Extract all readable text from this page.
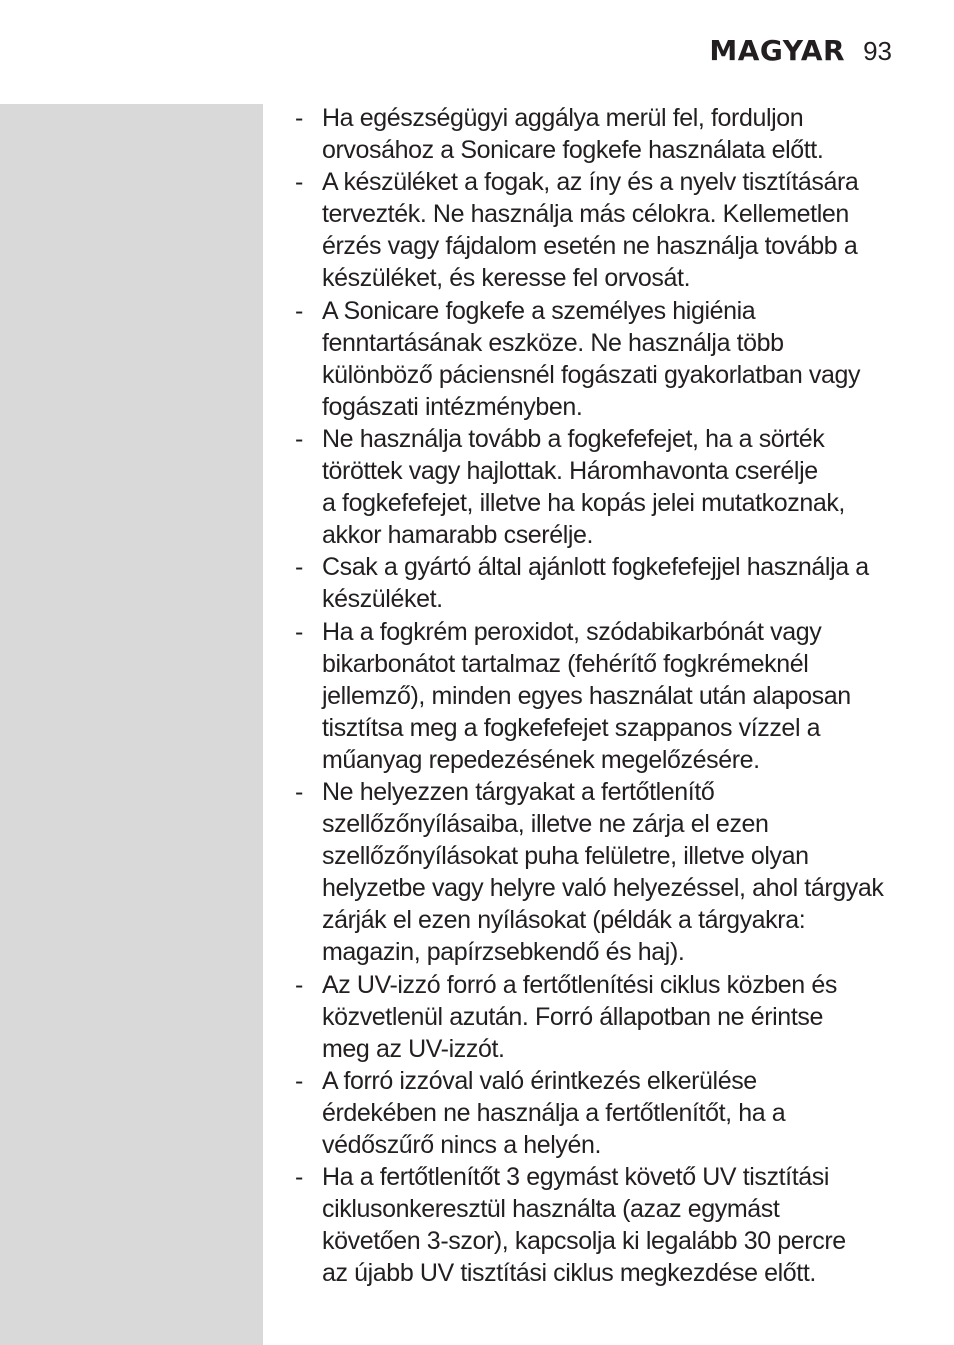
MAGYAR 93
- Ha egészségügyi aggálya merül fel, forduljon
orvosához a Sonicare fogkefe használata előtt.
- A készüléket a fogak, az íny és a nyelv tisztítására
tervezték. Ne használja más célokra. Kellemetlen
érzés vagy fájdalom esetén ne használja tovább a
készüléket, és keresse fel orvosát.
- A Sonicare fogkefe a személyes higiénia
fenntartásának eszköze. Ne használja több
különböző páciensnél fogászati gyakorlatban vagy
fogászati intézményben.
- Ne használja tovább a fogkefefejet, ha a sörték
töröttek vagy hajlottak. Háromhavonta cserélje
a fogkefefejet, illetve ha kopás jelei mutatkoznak,
akkor hamarabb cserélje.
- Csak a gyártó által ajánlott fogkefefejjel használja a
készüléket.
- Ha a fogkrém peroxidot, szódabikarbónát vagy
bikarbonátot tartalmaz (fehérítő fogkrémeknél
jellemző), minden egyes használat után alaposan
tisztítsa meg a fogkefefejet szappanos vízzel a
műanyag repedezésének megelőzésére.
- Ne helyezzen tárgyakat a fertőtlenítő
szellőzőnyílásaiba, illetve ne zárja el ezen
szellőzőnyílásokat puha felületre, illetve olyan
helyzetbe vagy helyre való helyezéssel, ahol tárgyak
zárják el ezen nyílásokat (példák a tárgyakra:
magazin, papírzsebkendő és haj).
- Az UV-izzó forró a fertőtlenítési ciklus közben és
közvetlenül azután. Forró állapotban ne érintse
meg az UV-izzót.
- A forró izzóval való érintkezés elkerülése
érdekében ne használja a fertőtlenítőt, ha a
védőszűrő nincs a helyén.
- Ha a fertőtlenítőt 3 egymást követő UV tisztítási
ciklusonkeresztül használta (azaz egymást
követően 3-szor), kapcsolja ki legalább 30 percre
az újabb UV tisztítási ciklus megkezdése előtt.
